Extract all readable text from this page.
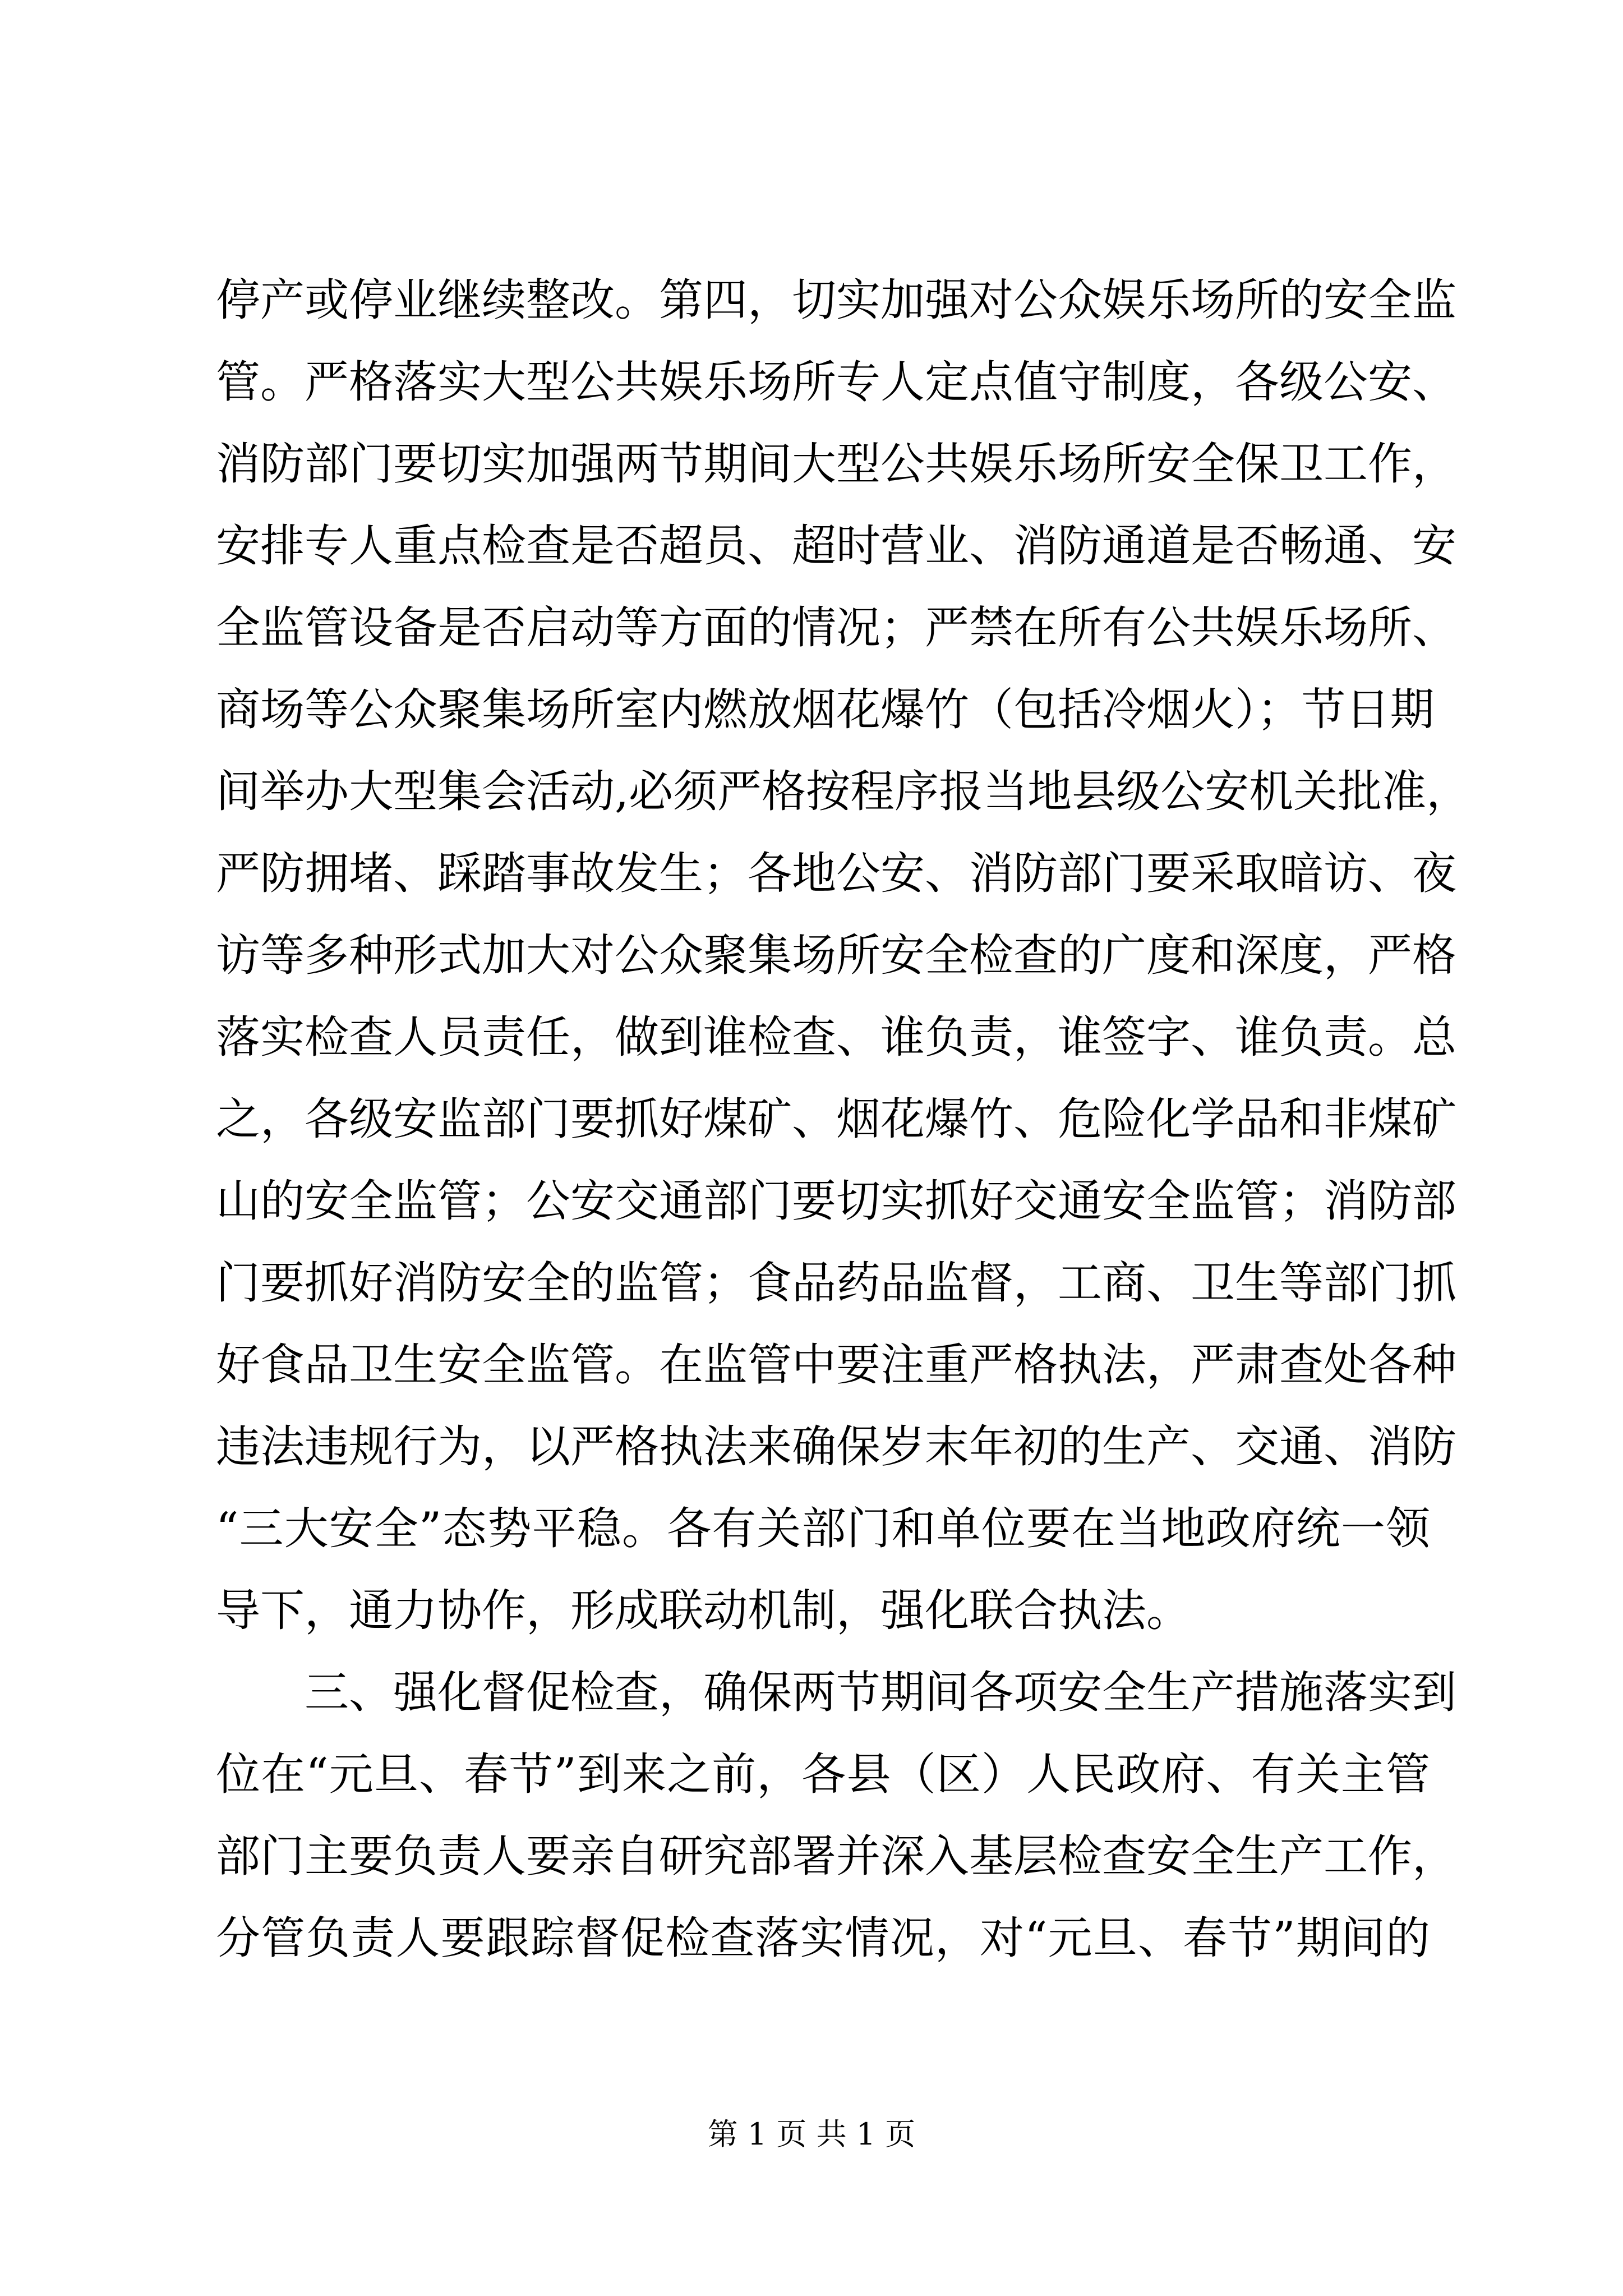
停产或停业继续整改。第四，切实加强对公众娱乐场所的安全监
管。严格落实大型公共娱乐场所专人定点值守制度，各级公安、
消防部门要切实加强两节期间大型公共娱乐场所安全保卫工作，
安排专人重点检查是否超员、超时营业、消防通道是否畅通、安
全监管设备是否启动等方面的情况；严禁在所有公共娱乐场所、
商场等公众聚集场所室内燃放烟花爆竹（包括冷烟火）；节日期
间举办大型集会活动,必须严格按程序报当地县级公安机关批准，
严防拥堵、踩踏事故发生；各地公安、消防部门要采取暗访、夜
访等多种形式加大对公众聚集场所安全检查的广度和深度，严格
落实检查人员责任，做到谁检查、谁负责，谁签字、谁负责。总
之，各级安监部门要抓好煤矿、烟花爆竹、危险化学品和非煤矿
山的安全监管；公安交通部门要切实抓好交通安全监管；消防部
门要抓好消防安全的监管；食品药品监督，工商、卫生等部门抓
好食品卫生安全监管。在监管中要注重严格执法，严肃查处各种
违法违规行为，以严格执法来确保岁末年初的生产、交通、消防
“三大安全”态势平稳。各有关部门和单位要在当地政府统一领
导下，通力协作，形成联动机制，强化联合执法。
三、强化督促检查，确保两节期间各项安全生产措施落实到
位在“元旦、春节”到来之前，各县（区）人民政府、有关主管
部门主要负责人要亲自研究部署并深入基层检查安全生产工作，
分管负责人要跟踪督促检查落实情况，对“元旦、春节”期间的
第 1 页 共 1 页
